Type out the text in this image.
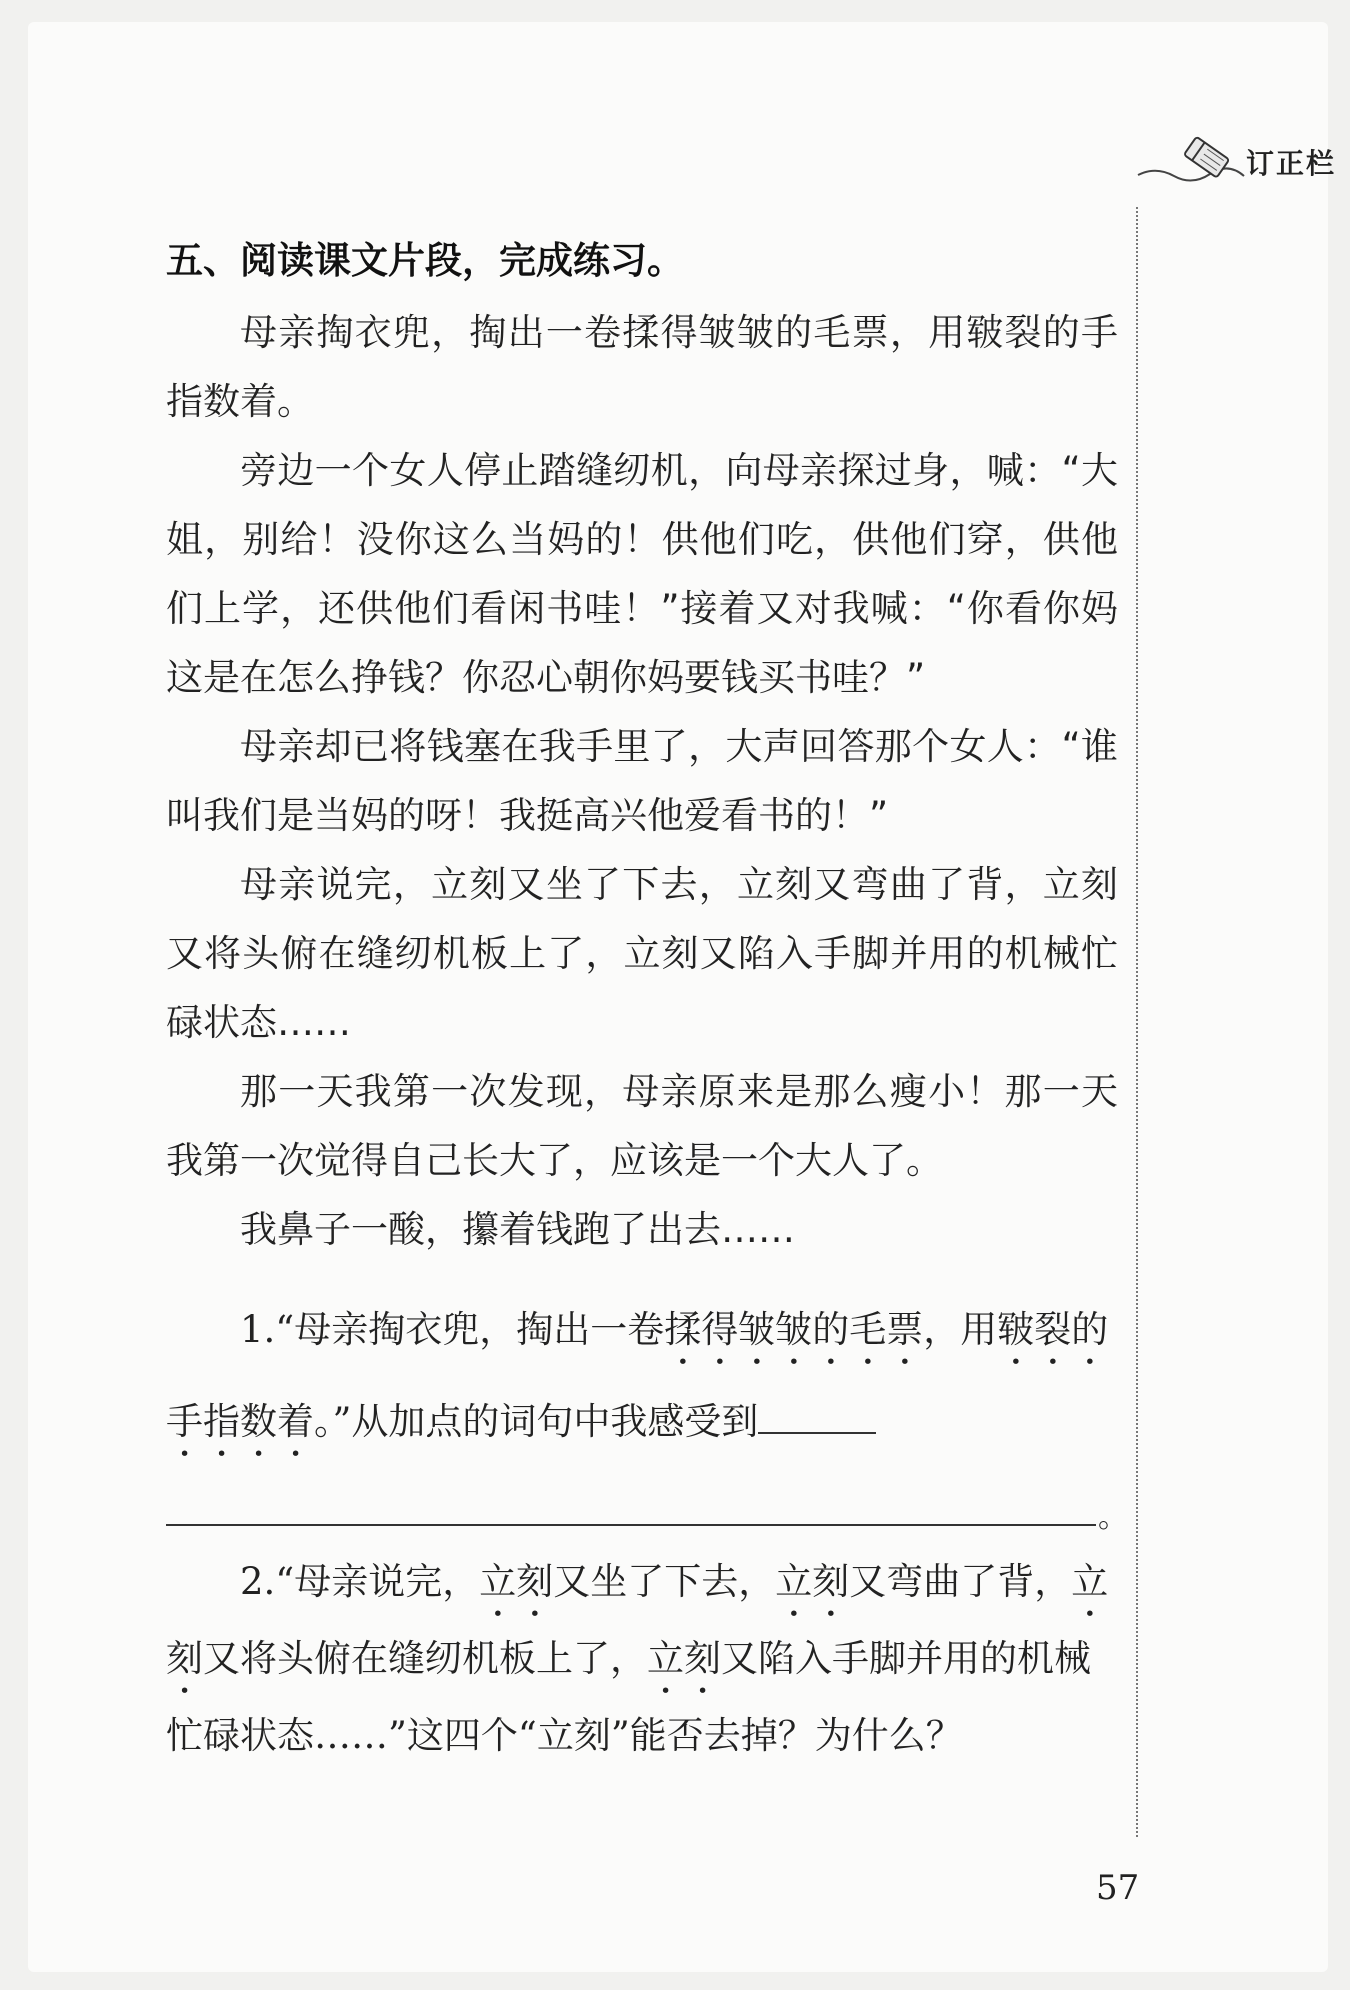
订正栏
五、阅读课文片段，完成练习。

母亲掏衣兜，掏出一卷揉得皱皱的毛票，用皲裂的手指数着。

旁边一个女人停止踏缝纫机，向母亲探过身，喊：“大姐，别给！没你这么当妈的！供他们吃，供他们穿，供他们上学，还供他们看闲书哇！”接着又对我喊：“你看你妈这是在怎么挣钱？你忍心朝你妈要钱买书哇？”

母亲却已将钱塞在我手里了，大声回答那个女人：“谁叫我们是当妈的呀！我挺高兴他爱看书的！”

母亲说完，立刻又坐了下去，立刻又弯曲了背，立刻又将头俯在缝纫机板上了，立刻又陷入手脚并用的机械忙碌状态……

那一天我第一次发现，母亲原来是那么瘦小！那一天我第一次觉得自己长大了，应该是一个大人了。

我鼻子一酸，攥着钱跑了出去……

1.“母亲掏衣兜，掏出一卷揉得皱皱的毛票，用皲裂的手指数着。”从加点的词句中我感受到

。

2.“母亲说完，立刻又坐了下去，立刻又弯曲了背，立刻又将头俯在缝纫机板上了，立刻又陷入手脚并用的机械忙碌状态……”这四个“立刻”能否去掉？为什么？

57
